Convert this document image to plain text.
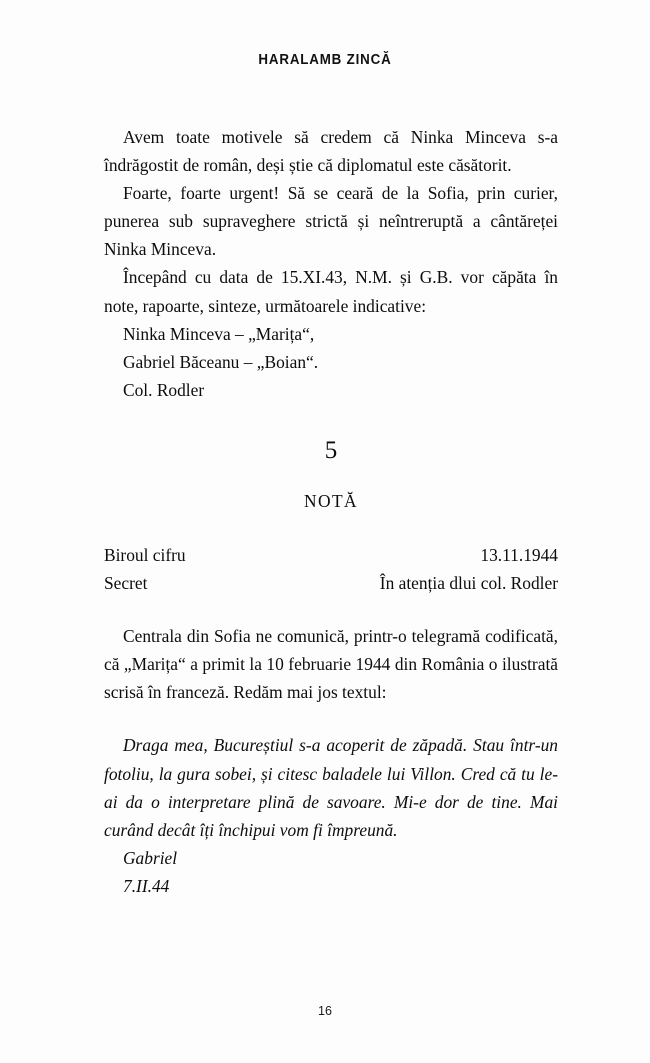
HARALAMB ZINCĂ

Avem toate motivele să credem că Ninka Minceva s-a îndrăgostit de român, deși știe că diplomatul este căsătorit.

Foarte, foarte urgent! Să se ceară de la Sofia, prin curier, punerea sub supraveghere strictă și neîntreruptă a cântăreței Ninka Minceva.

Începând cu data de 15.XI.43, N.M. și G.B. vor căpăta în note, rapoarte, sinteze, următoarele indicative:

Ninka Minceva – „Marița“,

Gabriel Băceanu – „Boian“.

Col. Rodler

5

NOTĂ

Biroul cifru	13.11.1944
Secret	În atenția dlui col. Rodler

Centrala din Sofia ne comunică, printr-o telegramă codificată, că „Marița“ a primit la 10 februarie 1944 din România o ilustrată scrisă în franceză. Redăm mai jos textul:

Draga mea, Bucureștiul s-a acoperit de zăpadă. Stau într-un fotoliu, la gura sobei, și citesc baladele lui Villon. Cred că tu le-ai da o interpretare plină de savoare. Mi-e dor de tine. Mai curând decât îți închipui vom fi împreună.

Gabriel

7.II.44

16
